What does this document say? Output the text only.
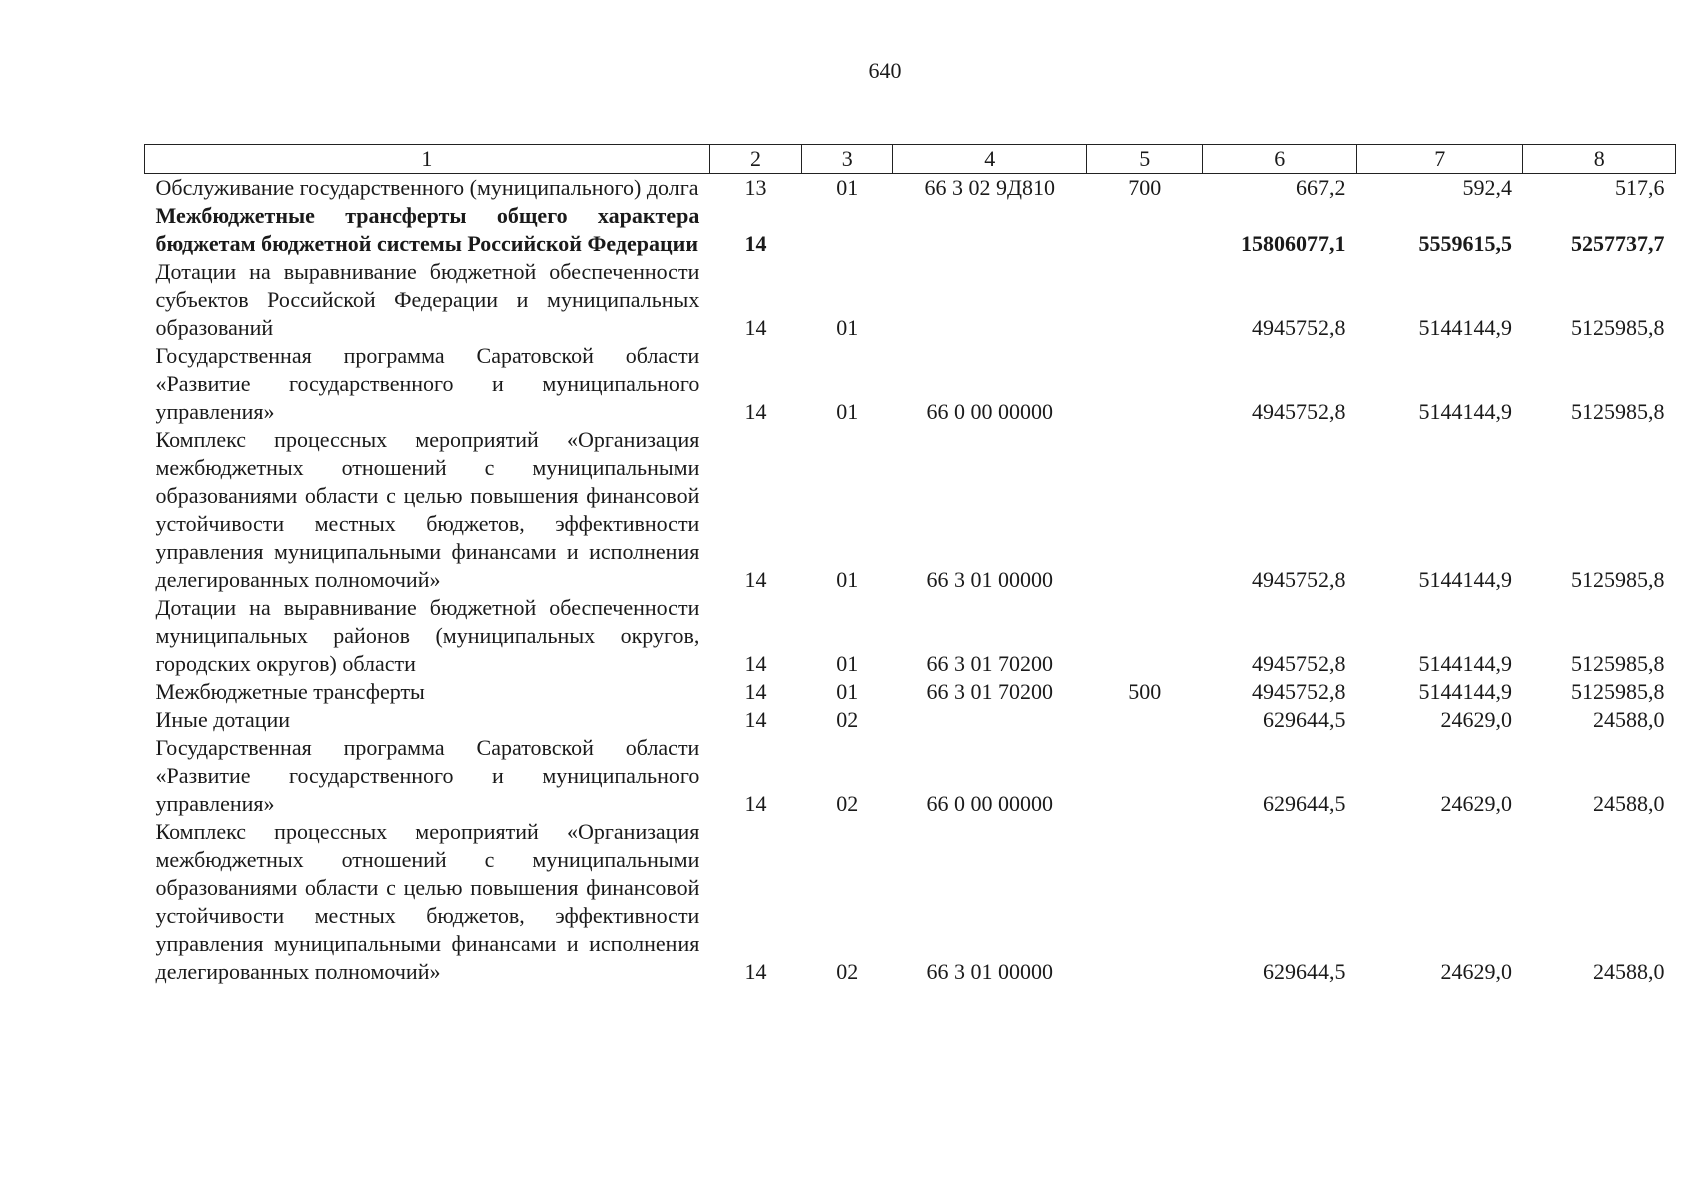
640
1	2	3	4	5	6	7	8
Обслуживание государственного (муниципального) долга	13	01	66 3 02 9Д810	700	667,2	592,4	517,6
Межбюджетные трансферты общего характера бюджетам бюджетной системы Российской Федерации	14				15806077,1	5559615,5	5257737,7
Дотации на выравнивание бюджетной обеспеченности субъектов Российской Федерации и муниципальных образований	14	01			4945752,8	5144144,9	5125985,8
Государственная программа Саратовской области «Развитие государственного и муниципального управления»	14	01	66 0 00 00000		4945752,8	5144144,9	5125985,8
Комплекс процессных мероприятий «Организация межбюджетных отношений с муниципальными образованиями области с целью повышения финансовой устойчивости местных бюджетов, эффективности управления муниципальными финансами и исполнения делегированных полномочий»	14	01	66 3 01 00000		4945752,8	5144144,9	5125985,8
Дотации на выравнивание бюджетной обеспеченности муниципальных районов (муниципальных округов, городских округов) области	14	01	66 3 01 70200		4945752,8	5144144,9	5125985,8
Межбюджетные трансферты	14	01	66 3 01 70200	500	4945752,8	5144144,9	5125985,8
Иные дотации	14	02			629644,5	24629,0	24588,0
Государственная программа Саратовской области «Развитие государственного и муниципального управления»	14	02	66 0 00 00000		629644,5	24629,0	24588,0
Комплекс процессных мероприятий «Организация межбюджетных отношений с муниципальными образованиями области с целью повышения финансовой устойчивости местных бюджетов, эффективности управления муниципальными финансами и исполнения делегированных полномочий»	14	02	66 3 01 00000		629644,5	24629,0	24588,0
